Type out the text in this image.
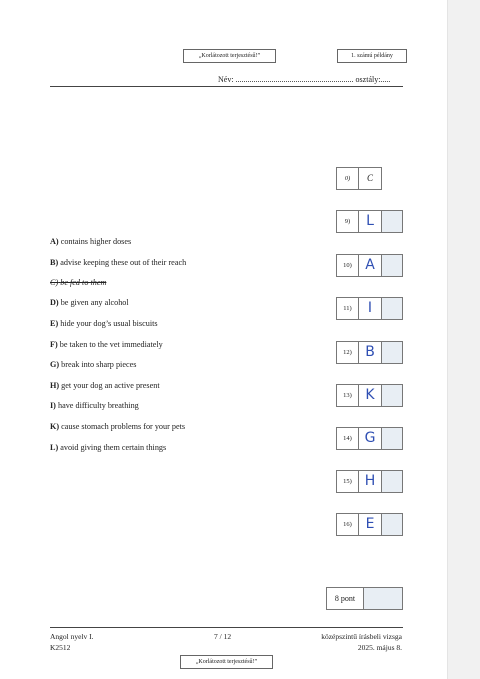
„Korlátozott terjesztésű!”	1. számú példány
Név: ........................................................... osztály:.....
A) contains higher doses
B) advise keeping these out of their reach
C) be fed to them
D) be given any alcohol
E) hide your dog’s usual biscuits
F) be taken to the vet immediately
G) break into sharp pieces
H) get your dog an active present
I) have difficulty breathing
K) cause stomach problems for your pets
L) avoid giving them certain things
0)	C
9)	L
10) A
11)	I
12) B
13) K
14) G
15) H
16) E
8 pont
Angol nyelv I.
K2512
7 / 12	középszintű írásbeli vizsga
2025. május 8.
„Korlátozott terjesztésű!”
